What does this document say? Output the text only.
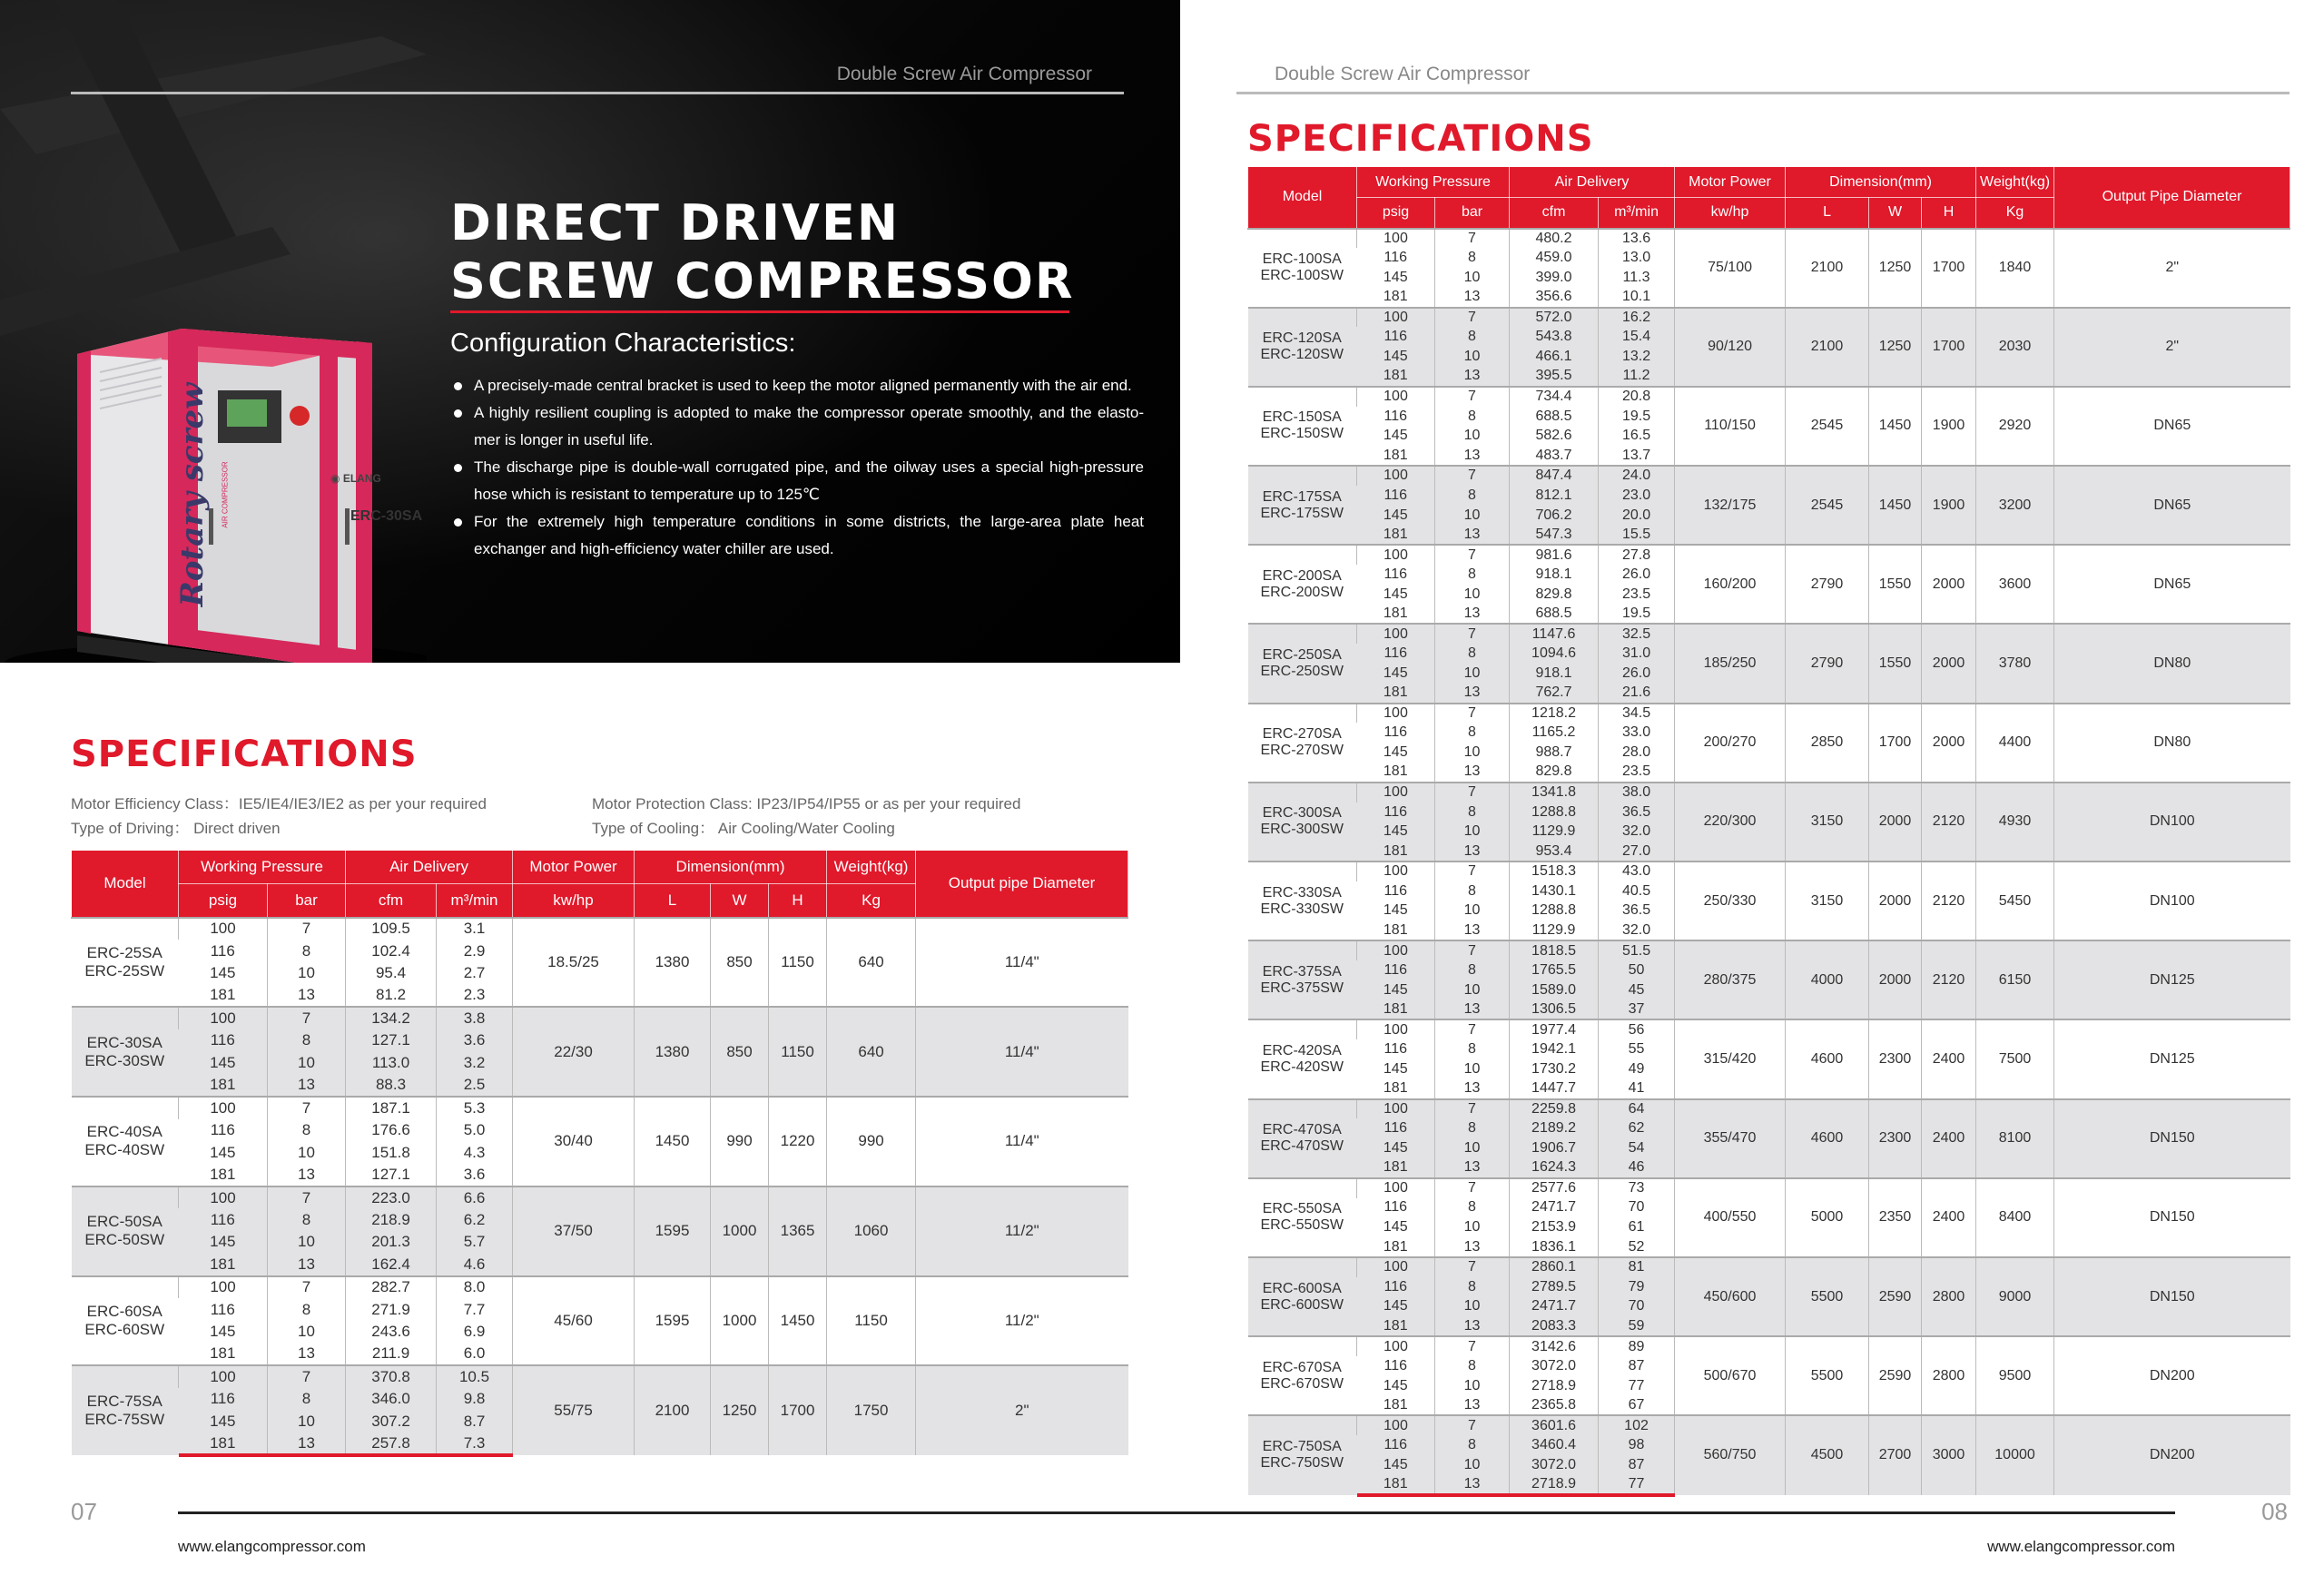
Rotary screw AIR COMPRESSOR	◉ ELANG
ERC-30SA
Double Screw Air Compressor
DIRECT DRIVEN
SCREW COMPRESSOR
Configuration Characteristics:
A precisely-made central bracket is used to keep the motor aligned permanently with the air end.
A highly resilient coupling is adopted to make the compressor operate smoothly, and the elasto-mer is longer in useful life.
The discharge pipe is double-wall corrugated pipe, and the oilway uses a special high-pressure hose which is resistant to temperature up to 125℃
For the extremely high temperature conditions in some districts, the large-area plate heat exchanger and high-efficiency water chiller are used.
SPECIFICATIONS
Motor Efficiency Class：IE5/IE4/IE3/IE2 as per your required
Type of Driving： Direct driven
Motor Protection Class: IP23/IP54/IP55 or as per your required
Type of Cooling： Air Cooling/Water Cooling
Model	Working Pressure		Air Delivery		Motor Power	Dimension(mm)			Weight(kg)	Output pipe Diameter
	psig	bar	cfm	m³/min	kw/hp	L	W	H	Kg	

ERC-25SA
ERC-25SW	100	7	109.5	3.1	18.5/25	1380	850	1150	640	11/4"
	116	8	102.4	2.9						
	145	10	95.4	2.7						
	181	13	81.2	2.3						

ERC-30SA
ERC-30SW	100	7	134.2	3.8	22/30	1380	850	1150	640	11/4"
	116	8	127.1	3.6						
	145	10	113.0	3.2						
	181	13	88.3	2.5						

ERC-40SA
ERC-40SW	100	7	187.1	5.3	30/40	1450	990	1220	990	11/4"
	116	8	176.6	5.0						
	145	10	151.8	4.3						
	181	13	127.1	3.6						

ERC-50SA
ERC-50SW	100	7	223.0	6.6	37/50	1595	1000	1365	1060	11/2"
	116	8	218.9	6.2						
	145	10	201.3	5.7						
	181	13	162.4	4.6						

ERC-60SA
ERC-60SW	100	7	282.7	8.0	45/60	1595	1000	1450	1150	11/2"
	116	8	271.9	7.7						
	145	10	243.6	6.9						
	181	13	211.9	6.0						

ERC-75SA
ERC-75SW	100	7	370.8	10.5	55/75	2100	1250	1700	1750	2"
	116	8	346.0	9.8						
	145	10	307.2	8.7						
	181	13	257.8	7.3						
Double Screw Air Compressor
SPECIFICATIONS
Model	Working Pressure		Air Delivery		Motor Power	Dimension(mm)			Weight(kg)	Output Pipe Diameter
	psig	bar	cfm	m³/min	kw/hp	L	W	H	Kg	

ERC-100SA
ERC-100SW	100	7	480.2	13.6	75/100	2100	1250	1700	1840	2"
	116	8	459.0	13.0						
	145	10	399.0	11.3						
	181	13	356.6	10.1						

ERC-120SA
ERC-120SW	100	7	572.0	16.2	90/120	2100	1250	1700	2030	2"
	116	8	543.8	15.4						
	145	10	466.1	13.2						
	181	13	395.5	11.2						

ERC-150SA
ERC-150SW	100	7	734.4	20.8	110/150	2545	1450	1900	2920	DN65
	116	8	688.5	19.5						
	145	10	582.6	16.5						
	181	13	483.7	13.7						

ERC-175SA
ERC-175SW	100	7	847.4	24.0	132/175	2545	1450	1900	3200	DN65
	116	8	812.1	23.0						
	145	10	706.2	20.0						
	181	13	547.3	15.5						

ERC-200SA
ERC-200SW	100	7	981.6	27.8	160/200	2790	1550	2000	3600	DN65
	116	8	918.1	26.0						
	145	10	829.8	23.5						
	181	13	688.5	19.5						

ERC-250SA
ERC-250SW	100	7	1147.6	32.5	185/250	2790	1550	2000	3780	DN80
	116	8	1094.6	31.0						
	145	10	918.1	26.0						
	181	13	762.7	21.6						

ERC-270SA
ERC-270SW	100	7	1218.2	34.5	200/270	2850	1700	2000	4400	DN80
	116	8	1165.2	33.0						
	145	10	988.7	28.0						
	181	13	829.8	23.5						

ERC-300SA
ERC-300SW	100	7	1341.8	38.0	220/300	3150	2000	2120	4930	DN100
	116	8	1288.8	36.5						
	145	10	1129.9	32.0						
	181	13	953.4	27.0						

ERC-330SA
ERC-330SW	100	7	1518.3	43.0	250/330	3150	2000	2120	5450	DN100
	116	8	1430.1	40.5						
	145	10	1288.8	36.5						
	181	13	1129.9	32.0						

ERC-375SA
ERC-375SW	100	7	1818.5	51.5	280/375	4000	2000	2120	6150	DN125
	116	8	1765.5	50						
	145	10	1589.0	45						
	181	13	1306.5	37						

ERC-420SA
ERC-420SW	100	7	1977.4	56	315/420	4600	2300	2400	7500	DN125
	116	8	1942.1	55						
	145	10	1730.2	49						
	181	13	1447.7	41						

ERC-470SA
ERC-470SW	100	7	2259.8	64	355/470	4600	2300	2400	8100	DN150
	116	8	2189.2	62						
	145	10	1906.7	54						
	181	13	1624.3	46						

ERC-550SA
ERC-550SW	100	7	2577.6	73	400/550	5000	2350	2400	8400	DN150
	116	8	2471.7	70						
	145	10	2153.9	61						
	181	13	1836.1	52						

ERC-600SA
ERC-600SW	100	7	2860.1	81	450/600	5500	2590	2800	9000	DN150
	116	8	2789.5	79						
	145	10	2471.7	70						
	181	13	2083.3	59						

ERC-670SA
ERC-670SW	100	7	3142.6	89	500/670	5500	2590	2800	9500	DN200
	116	8	3072.0	87						
	145	10	2718.9	77						
	181	13	2365.8	67						

ERC-750SA
ERC-750SW	100	7	3601.6	102	560/750	4500	2700	3000	10000	DN200
	116	8	3460.4	98						
	145	10	3072.0	87						
	181	13	2718.9	77						
07	08
www.elangcompressor.com	www.elangcompressor.com
